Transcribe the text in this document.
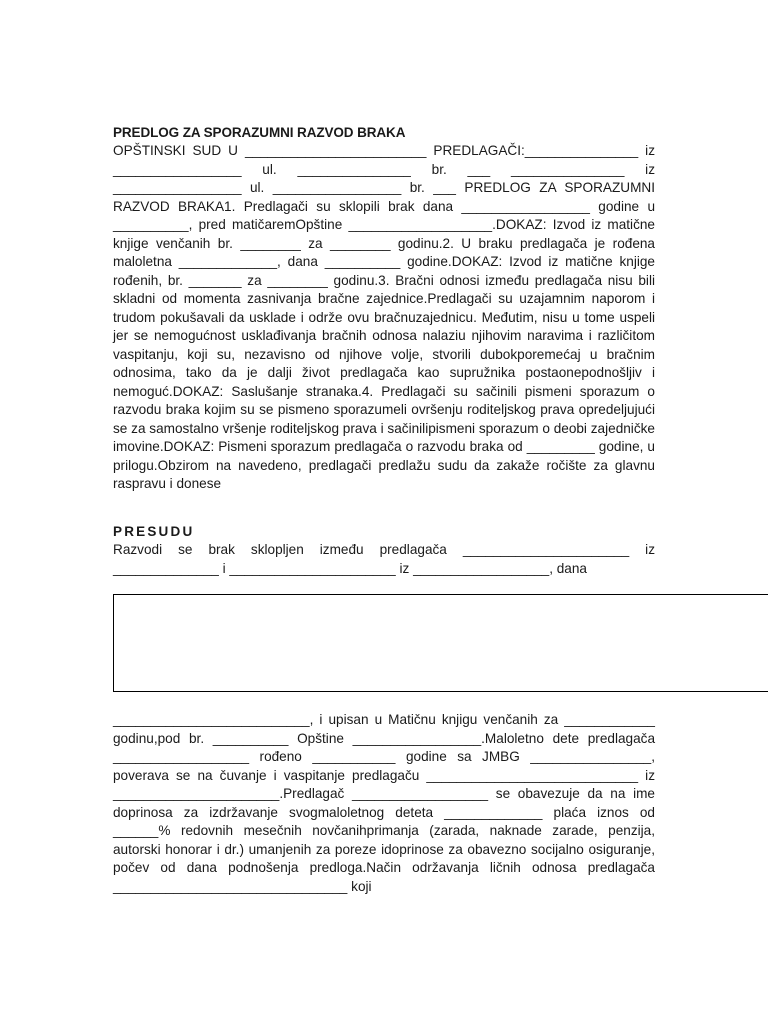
PREDLOG ZA SPORAZUMNI RAZVOD BRAKA
OPŠTINSKI SUD U ________________________ PREDLAGAČI:_______________ iz _________________ ul. _______________ br. ___ _______________ iz _________________ ul. _________________ br. ___ PREDLOG ZA SPORAZUMNI RAZVOD BRAKA1. Predlagači su sklopili brak dana _________________ godine u __________, pred matičaremOpštine ___________________.DOKAZ: Izvod iz matične knjige venčanih br. ________ za ________ godinu.2. U braku predlagača je rođena maloletna _____________, dana __________ godine.DOKAZ: Izvod iz matične knjige rođenih, br. _______ za ________ godinu.3. Bračni odnosi između predlagača nisu bili skladni od momenta zasnivanja bračne zajednice.Predlagači su uzajamnim naporom i trudom pokušavali da usklade i održe ovu bračnuzajednicu. Međutim, nisu u tome uspeli jer se nemogućnost usklađivanja bračnih odnosa nalaziu njihovim naravima i različitom vaspitanju, koji su, nezavisno od njihove volje, stvorili dubokporemećaj u bračnim odnosima, tako da je dalji život predlagača kao supružnika postaonepodnošljiv i nemoguć.DOKAZ: Saslušanje stranaka.4. Predlagači su sačinili pismeni sporazum o razvodu braka kojim su se pismeno sporazumeli ovršenju roditeljskog prava opredeljujući se za samostalno vršenje roditeljskog prava i sačinilipismeni sporazum o deobi zajedničke imovine.DOKAZ: Pismeni sporazum predlagača o razvodu braka od _________ godine, u prilogu.Obzirom na navedeno, predlagači predlažu sudu da zakaže ročište za glavnu raspravu i donese
PRESUDU
Razvodi se brak sklopljen između predlagača ______________________ iz ______________ i ______________________ iz __________________, dana
__________________________, i upisan u Matičnu knjigu venčanih za ____________ godinu,pod br. __________ Opštine _________________.Maloletno dete predlagača __________________ rođeno ___________ godine sa JMBG ________________, poverava se na čuvanje i vaspitanje predlagaču ____________________________ iz ______________________.Predlagač __________________ se obavezuje da na ime doprinosa za izdržavanje svogmaloletnog deteta _____________ plaća iznos od ______% redovnih mesečnih novčanihprimanja (zarada, naknade zarade, penzija, autorski honorar i dr.) umanjenih za poreze idoprinose za obavezno socijalno osiguranje, počev od dana podnošenja predloga.Način održavanja ličnih odnosa predlagača _______________________________ koji
